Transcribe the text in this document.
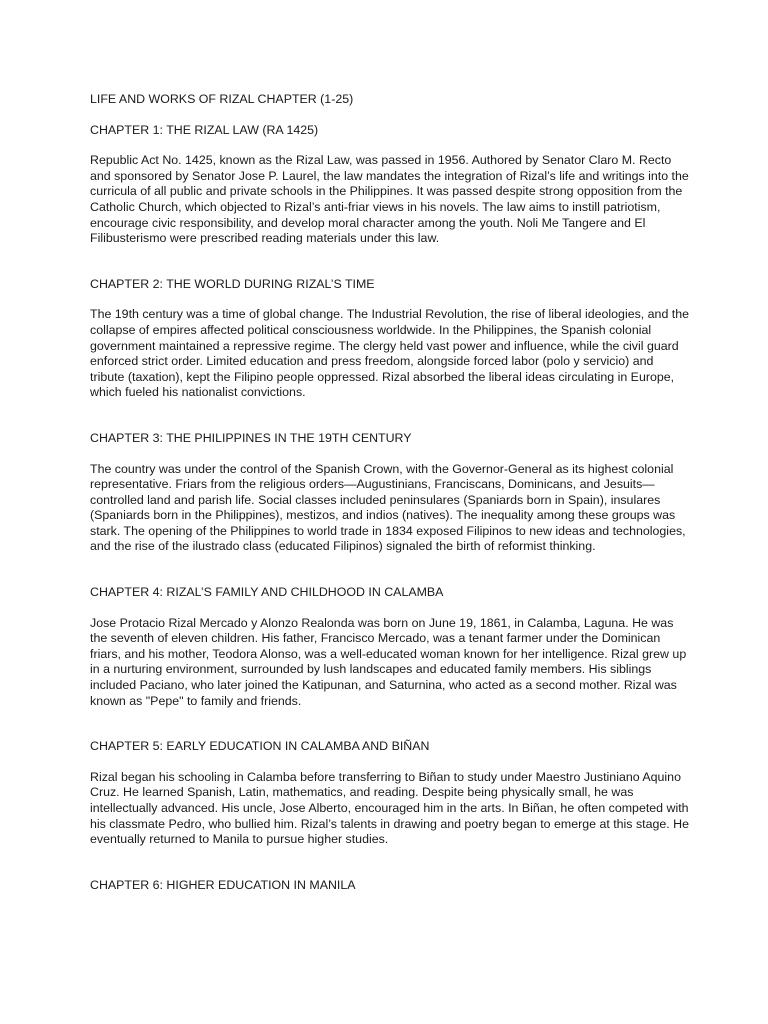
LIFE AND WORKS OF RIZAL CHAPTER (1-25)

CHAPTER 1: THE RIZAL LAW (RA 1425)

Republic Act No. 1425, known as the Rizal Law, was passed in 1956. Authored by Senator Claro M. Recto and sponsored by Senator Jose P. Laurel, the law mandates the integration of Rizal’s life and writings into the curricula of all public and private schools in the Philippines. It was passed despite strong opposition from the Catholic Church, which objected to Rizal’s anti-friar views in his novels. The law aims to instill patriotism, encourage civic responsibility, and develop moral character among the youth. Noli Me Tangere and El Filibusterismo were prescribed reading materials under this law.

CHAPTER 2: THE WORLD DURING RIZAL’S TIME

The 19th century was a time of global change. The Industrial Revolution, the rise of liberal ideologies, and the collapse of empires affected political consciousness worldwide. In the Philippines, the Spanish colonial government maintained a repressive regime. The clergy held vast power and influence, while the civil guard enforced strict order. Limited education and press freedom, alongside forced labor (polo y servicio) and tribute (taxation), kept the Filipino people oppressed. Rizal absorbed the liberal ideas circulating in Europe, which fueled his nationalist convictions.

CHAPTER 3: THE PHILIPPINES IN THE 19TH CENTURY

The country was under the control of the Spanish Crown, with the Governor-General as its highest colonial representative. Friars from the religious orders—Augustinians, Franciscans, Dominicans, and Jesuits—controlled land and parish life. Social classes included peninsulares (Spaniards born in Spain), insulares (Spaniards born in the Philippines), mestizos, and indios (natives). The inequality among these groups was stark. The opening of the Philippines to world trade in 1834 exposed Filipinos to new ideas and technologies, and the rise of the ilustrado class (educated Filipinos) signaled the birth of reformist thinking.

CHAPTER 4: RIZAL’S FAMILY AND CHILDHOOD IN CALAMBA

Jose Protacio Rizal Mercado y Alonzo Realonda was born on June 19, 1861, in Calamba, Laguna. He was the seventh of eleven children. His father, Francisco Mercado, was a tenant farmer under the Dominican friars, and his mother, Teodora Alonso, was a well-educated woman known for her intelligence. Rizal grew up in a nurturing environment, surrounded by lush landscapes and educated family members. His siblings included Paciano, who later joined the Katipunan, and Saturnina, who acted as a second mother. Rizal was known as "Pepe" to family and friends.

CHAPTER 5: EARLY EDUCATION IN CALAMBA AND BIÑAN

Rizal began his schooling in Calamba before transferring to Biñan to study under Maestro Justiniano Aquino Cruz. He learned Spanish, Latin, mathematics, and reading. Despite being physically small, he was intellectually advanced. His uncle, Jose Alberto, encouraged him in the arts. In Biñan, he often competed with his classmate Pedro, who bullied him. Rizal’s talents in drawing and poetry began to emerge at this stage. He eventually returned to Manila to pursue higher studies.

CHAPTER 6: HIGHER EDUCATION IN MANILA
